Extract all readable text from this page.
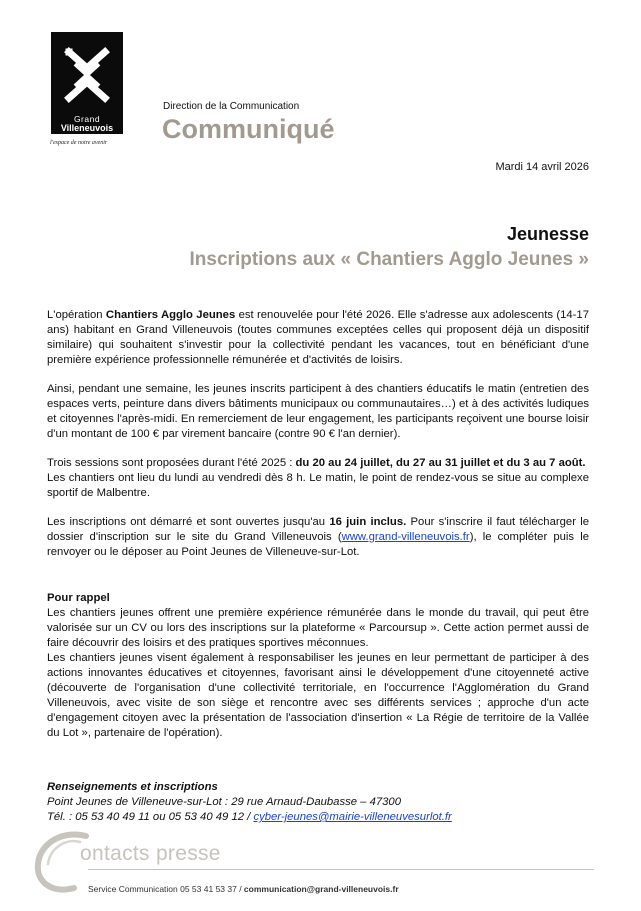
Grand
Villeneuvois
l'espace de notre avenir
Direction de la Communication
Communiqué
Mardi 14 avril 2026
Jeunesse
Inscriptions aux « Chantiers Agglo Jeunes »

L'opération Chantiers Agglo Jeunes est renouvelée pour l'été 2026. Elle s'adresse aux adolescents (14-17 ans) habitant en Grand Villeneuvois (toutes communes exceptées celles qui proposent déjà un dispositif similaire) qui souhaitent s'investir pour la collectivité pendant les vacances, tout en bénéficiant d'une première expérience professionnelle rémunérée et d'activités de loisirs.

Ainsi, pendant une semaine, les jeunes inscrits participent à des chantiers éducatifs le matin (entretien des espaces verts, peinture dans divers bâtiments municipaux ou communautaires…) et à des activités ludiques et citoyennes l'après-midi. En remerciement de leur engagement, les participants reçoivent une bourse loisir d'un montant de 100 € par virement bancaire (contre 90 € l'an dernier).

Trois sessions sont proposées durant l'été 2025 : du 20 au 24 juillet, du 27 au 31 juillet et du 3 au 7 août.

Les chantiers ont lieu du lundi au vendredi dès 8 h. Le matin, le point de rendez-vous se situe au complexe sportif de Malbentre.

Les inscriptions ont démarré et sont ouvertes jusqu'au 16 juin inclus. Pour s'inscrire il faut télécharger le dossier d'inscription sur le site du Grand Villeneuvois (www.grand-villeneuvois.fr), le compléter puis le renvoyer ou le déposer au Point Jeunes de Villeneuve-sur-Lot.

Pour rappel

Les chantiers jeunes offrent une première expérience rémunérée dans le monde du travail, qui peut être valorisée sur un CV ou lors des inscriptions sur la plateforme « Parcoursup ». Cette action permet aussi de faire découvrir des loisirs et des pratiques sportives méconnues.

Les chantiers jeunes visent également à responsabiliser les jeunes en leur permettant de participer à des actions innovantes éducatives et citoyennes, favorisant ainsi le développement d'une citoyenneté active (découverte de l'organisation d'une collectivité territoriale, en l'occurrence l'Agglomération du Grand Villeneuvois, avec visite de son siège et rencontre avec ses différents services ; approche d'un acte d'engagement citoyen avec la présentation de l'association d'insertion « La Régie de territoire de la Vallée du Lot », partenaire de l'opération).

Renseignements et inscriptions
Point Jeunes de Villeneuve-sur-Lot : 29 rue Arnaud-Daubasse – 47300
Tél. : 05 53 40 49 11 ou 05 53 40 49 12 / cyber-jeunes@mairie-villeneuvesurlot.fr
ontacts presse
Service Communication 05 53 41 53 37 / communication@grand-villeneuvois.fr
